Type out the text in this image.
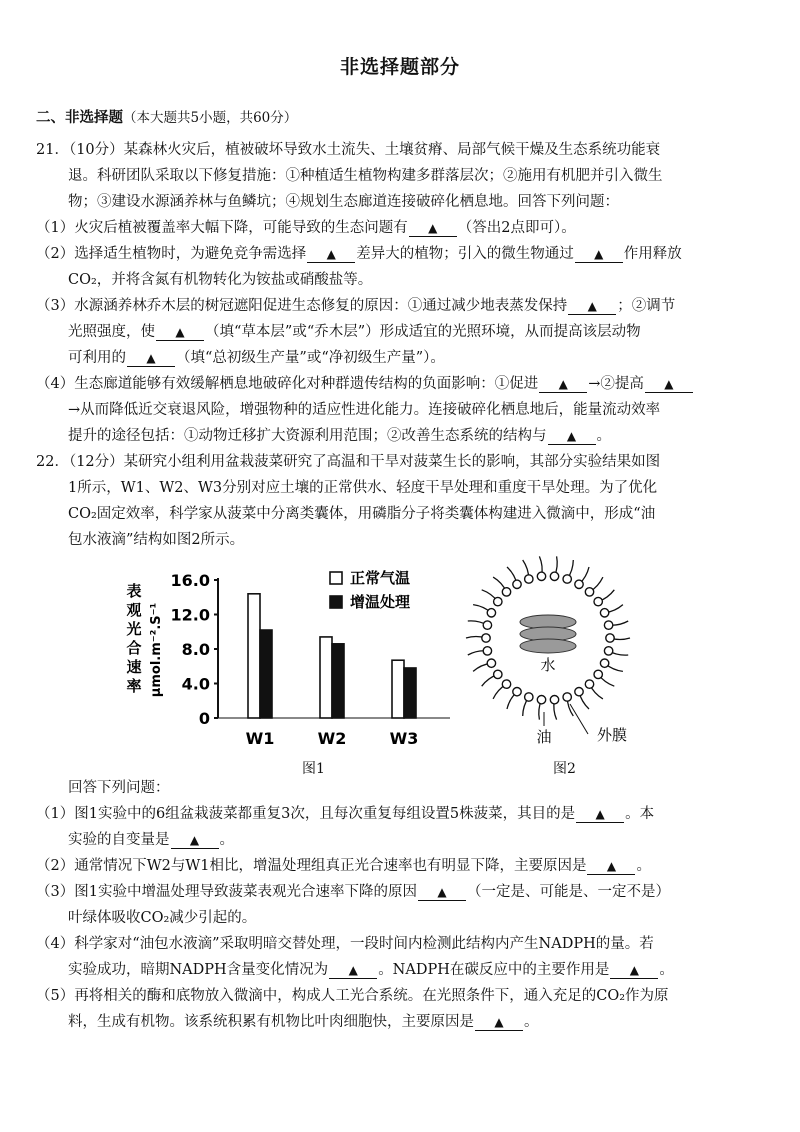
非选择题部分
二、非选择题（本大题共5小题，共60分）
21．（10分）某森林火灾后，植被破坏导致水土流失、土壤贫瘠、局部气候干燥及生态系统功能衰
退。科研团队采取以下修复措施：①种植适生植物构建多群落层次；②施用有机肥并引入微生
物；③建设水源涵养林与鱼鳞坑；④规划生态廊道连接破碎化栖息地。回答下列问题：
（1）火灾后植被覆盖率大幅下降，可能导致的生态问题有 ▲ （答出2点即可）。
（2）选择适生植物时，为避免竞争需选择 ▲ 差异大的植物；引入的微生物通过 ▲ 作用释放
CO₂，并将含氮有机物转化为铵盐或硝酸盐等。
（3）水源涵养林乔木层的树冠遮阳促进生态修复的原因：①通过减少地表蒸发保持 ▲ ；②调节
光照强度，使 ▲ （填“草本层”或“乔木层”）形成适宜的光照环境，从而提高该层动物
可利用的 ▲ （填“总初级生产量”或“净初级生产量”）。
（4）生态廊道能够有效缓解栖息地破碎化对种群遗传结构的负面影响：①促进 ▲ →②提高 ▲
→从而降低近交衰退风险，增强物种的适应性进化能力。连接破碎化栖息地后，能量流动效率
提升的途径包括：①动物迁移扩大资源利用范围；②改善生态系统的结构与 ▲ 。
22．（12分）某研究小组利用盆栽菠菜研究了高温和干旱对菠菜生长的影响，其部分实验结果如图
1所示，W1、W2、W3分别对应土壤的正常供水、轻度干旱处理和重度干旱处理。为了优化
CO₂固定效率，科学家从菠菜中分离类囊体，用磷脂分子将类囊体构建进入微滴中，形成“油
包水液滴”结构如图2所示。
（1）图1实验中的6组盆栽菠菜都重复3次，且每次重复每组设置5株菠菜，其目的是 ▲ 。本
实验的自变量是 ▲ 。
（2）通常情况下W2与W1相比，增温处理组真正光合速率也有明显下降，主要原因是 ▲ 。
（3）图1实验中增温处理导致菠菜表观光合速率下降的原因 ▲ （一定是、可能是、一定不是）
叶绿体吸收CO₂减少引起的。
（4）科学家对“油包水液滴”采取明暗交替处理，一段时间内检测此结构内产生NADPH的量。若
实验成功，暗期NADPH含量变化情况为 ▲ 。NADPH在碳反应中的主要作用是 ▲ 。
（5）再将相关的酶和底物放入微滴中，构成人工光合系统。在光照条件下，通入充足的CO₂作为原
料，生成有机物。该系统积累有机物比叶肉细胞快，主要原因是 ▲ 。
回答下列问题：
0
4.0
8.0
12.0
16.0
表
观
光
合
速
率 μmol.m⁻².S⁻¹
W1	W2	W3
正常气温
增温处理
图1
水
油	外膜
图2
